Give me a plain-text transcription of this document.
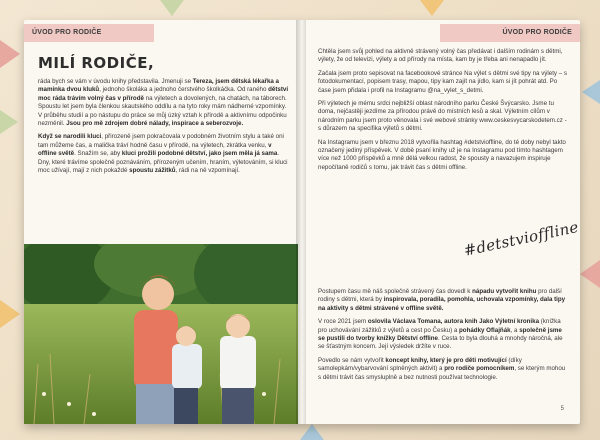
ÚVOD PRO RODIČE
MILÍ RODIČE,

ráda bych se vám v úvodu knihy představila. Jmenuji se Tereza, jsem dětská lékařka a maminka dvou kluků, jednoho školáka a jednoho čerstvého školkáčka. Od raného dětství moc ráda trávím volný čas v přírodě na výletech a dovolených, na chatách, na táborech. Spoustu let jsem byla členkou skautského oddílu a na tyto roky mám nádherné vzpomínky. V průběhu studií a po nástupu do práce se můj úzký vztah k přírodě a aktivnímu odpočinku nezměnil. Jsou pro mě zdrojem dobré nálady, inspirace a seberozvoje.

Když se narodili kluci, přirozeně jsem pokračovala v podobném životním stylu a také oni tam můžeme čas, a malička tráví hodně času v přírodě, na výletech, zkrátka venku, v offline světě. Snažím se, aby kluci prožili podobné dětství, jako jsem měla já sama. Dny, které trávíme společně poznáváním, přírozeným učením, hraním, výletováním, si kluci moc užívají, mají z nich pokaždé spoustu zážitků, rádi na ně vzpomínají.

ÚVOD PRO RODIČE

Chtěla jsem svůj pohled na aktivně strávený volný čas předávat i dalším rodinám s dětmi, výlety, že od televizi, výlety a od přírody na místa, kam by je třeba ani nenapadlo jít.

Začala jsem proto sepisovat na facebookové stránce Na výlet s dětmi své tipy na výlety – s fotodokumentací, popisem trasy, mapou, tipy kam zajít na jídlo, kam si jít pohrát atd. Po čase jsem přidala i profil na Instagramu @na_vylet_s_detmi.

Při výletech je mému srdci nejbližší oblast národního parku České Švýcarsko. Jsme tu doma, nejčastěji jezdíme za přírodou právě do místních lesů a skal. Výletním cílům v národním parku jsem proto věnovala i své webové stránky www.ceskesvycarskodetem.cz - s důrazem na specifika výletů s dětmi.

Na Instagramu jsem v březnu 2018 vytvořila hashtag #detstvioffline, do té doby nebyl takto označený jediný příspěvek. V době psaní knihy už je na Instagramu pod tímto hashtagem více než 1000 příspěvků a mně dělá velkou radost, že spousty a navazujem inspiruje nepočítaně rodičů s tomu, jak trávit čas s dětmi offline.

#detstvioffline

Postupem času mě náš společně strávený čas dovedl k nápadu vytvořit knihu pro další rodiny s dětmi, která by inspirovala, poradila, pomohla, uchovala vzpomínky, dala tipy na aktivity s dětmi strávené v offline světě.

V roce 2021 jsem oslovila Václava Tomana, autora knih Jako Výletní kronika (knížka pro uchovávání zážitků z výletů a cest po Česku) a pohádky Oflajňák, a společně jsme se pustili do tvorby knížky Dětství offline. Cesta to byla dlouhá a mnohdy náročná, ale se šťastným koncem. Její výsledek držíte v ruce.

Povedlo se nám vytvořit koncept knihy, který je pro děti motivující (díky samolepkám/vybarvování splněných aktivit) a pro rodiče pomocníkem, se kterým mohou s dětmi trávit čas smysluplně a bez nutnosti používat technologie.

5
